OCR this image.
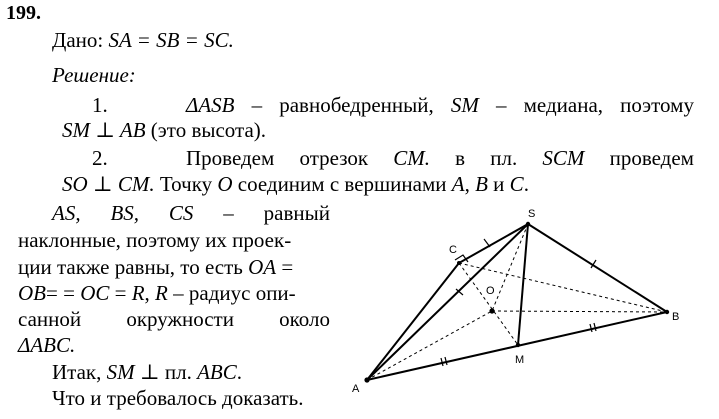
199.
Дано: SA = SB = SC.
Решение:
1.	ΔASB – равнобедренный, SM – медиана, поэтому
SM ⊥ AB (это высота).
2.	Проведем отрезок CM. в пл. SCM проведем
SO ⊥ CM. Точку O соединим с вершинами A, B и C.
AS, BS, CS – равный
наклонные, поэтому их проек-
ции также равны, то есть OA =
OB= = OC = R, R – радиус опи-
санной окружности около
ΔABC.
Итак, SM ⊥ пл. ABC.
Что и требовалось доказать.
S
C
O
B
M
A
